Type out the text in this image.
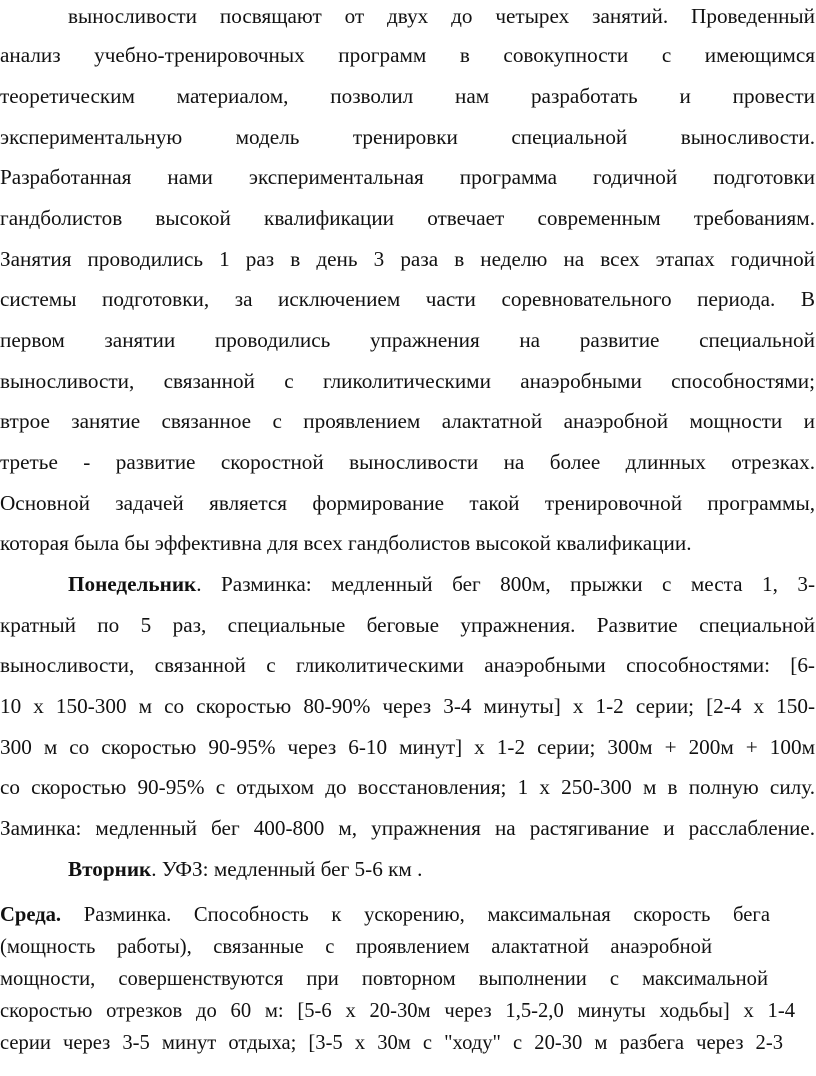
выносливости посвящают от двух до четырех занятий. Проведенный
анализ учебно-тренировочных программ в совокупности с имеющимся
теоретическим материалом, позволил нам разработать и провести
экспериментальную модель тренировки специальной выносливости.
Разработанная нами экспериментальная программа годичной подготовки
гандболистов высокой квалификации отвечает современным требованиям.
Занятия проводились 1 раз в день 3 раза в неделю на всех этапах годичной
системы подготовки, за исключением части соревновательного периода. В
первом занятии проводились упражнения на развитие специальной
выносливости, связанной с гликолитическими анаэробными способностями;
втрое занятие связанное с проявлением алактатной анаэробной мощности и
третье - развитие скоростной выносливости на более длинных отрезках.
Основной задачей является формирование такой тренировочной программы,
которая была бы эффективна для всех гандболистов высокой квалификации.
Понедельник. Разминка: медленный бег 800м, прыжки с места 1, 3-
кратный по 5 раз, специальные беговые упражнения. Развитие специальной
выносливости, связанной с гликолитическими анаэробными способностями: [6-
10 х 150-300 м со скоростью 80-90% через 3-4 минуты] х 1-2 серии; [2-4 х 150-
300 м со скоростью 90-95% через 6-10 минут] х 1-2 серии; 300м + 200м + 100м
со скоростью 90-95% с отдыхом до восстановления; 1 х 250-300 м в полную силу.
Заминка: медленный бег 400-800 м, упражнения на растягивание и расслабление.
Вторник. УФЗ: медленный бег 5-6 км .
Среда. Разминка. Способность к ускорению, максимальная скорость бега
(мощность работы), связанные с проявлением алактатной анаэробной
мощности, совершенствуются при повторном выполнении с максимальной
скоростью отрезков до 60 м: [5-6 х 20-30м через 1,5-2,0 минуты ходьбы] х 1-4
серии через 3-5 минут отдыха; [3-5 х 30м с "ходу" с 20-30 м разбега через 2-3
